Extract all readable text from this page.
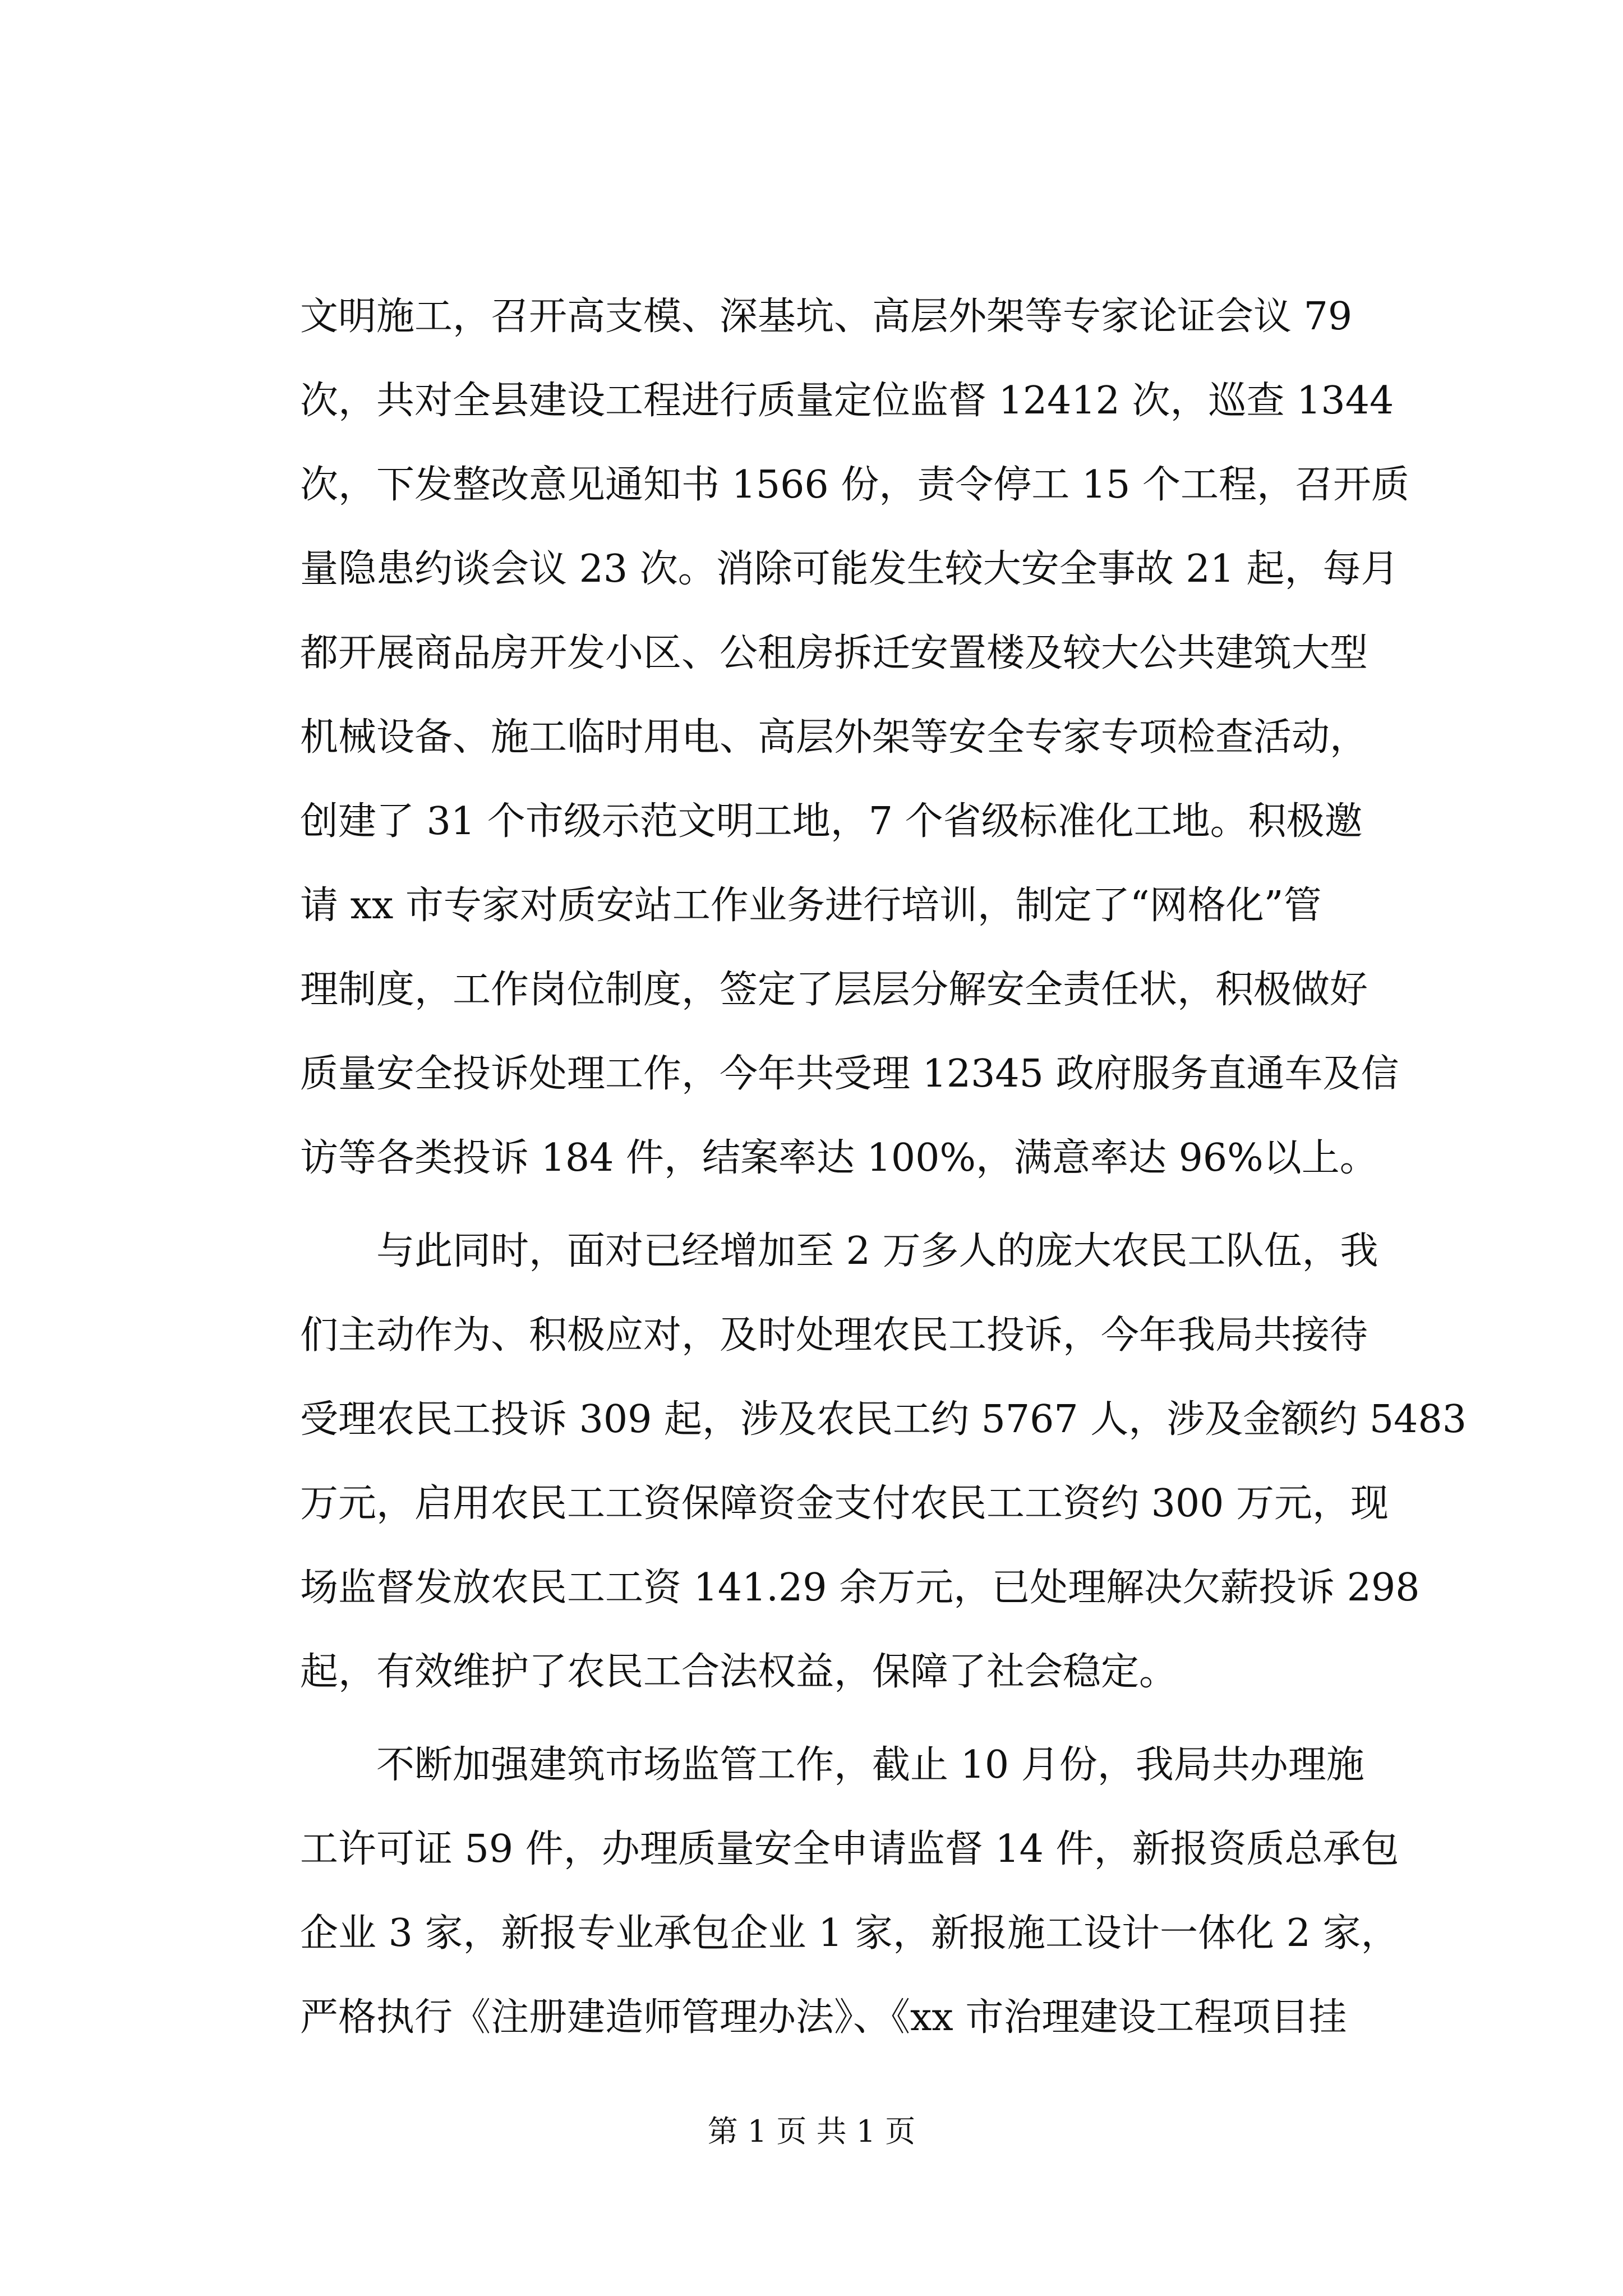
文明施工，召开高支模、深基坑、高层外架等专家论证会议 79
次，共对全县建设工程进行质量定位监督 12412 次，巡查 1344
次，下发整改意见通知书 1566 份，责令停工 15 个工程，召开质
量隐患约谈会议 23 次。消除可能发生较大安全事故 21 起，每月
都开展商品房开发小区、公租房拆迁安置楼及较大公共建筑大型
机械设备、施工临时用电、高层外架等安全专家专项检查活动，
创建了 31 个市级示范文明工地，7 个省级标准化工地。积极邀
请 xx 市专家对质安站工作业务进行培训，制定了“网格化”管
理制度，工作岗位制度，签定了层层分解安全责任状，积极做好
质量安全投诉处理工作，今年共受理 12345 政府服务直通车及信
访等各类投诉 184 件，结案率达 100%，满意率达 96%以上。
与此同时，面对已经增加至 2 万多人的庞大农民工队伍，我
们主动作为、积极应对，及时处理农民工投诉，今年我局共接待
受理农民工投诉 309 起，涉及农民工约 5767 人，涉及金额约 5483
万元，启用农民工工资保障资金支付农民工工资约 300 万元，现
场监督发放农民工工资 141.29 余万元，已处理解决欠薪投诉 298
起，有效维护了农民工合法权益，保障了社会稳定。
不断加强建筑市场监管工作，截止 10 月份，我局共办理施
工许可证 59 件，办理质量安全申请监督 14 件，新报资质总承包
企业 3 家，新报专业承包企业 1 家，新报施工设计一体化 2 家，
严格执行《注册建造师管理办法》、《xx 市治理建设工程项目挂
第 1 页 共 1 页
